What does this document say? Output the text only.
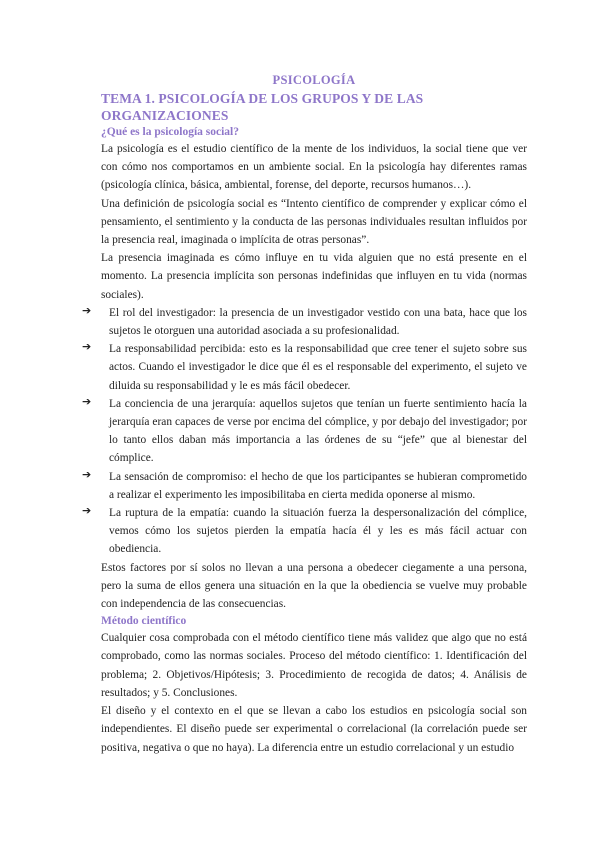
PSICOLOGÍA
TEMA 1. PSICOLOGÍA DE LOS GRUPOS Y DE LAS ORGANIZACIONES
¿Qué es la psicología social?

La psicología es el estudio científico de la mente de los individuos, la social tiene que ver con cómo nos comportamos en un ambiente social. En la psicología hay diferentes ramas (psicología clínica, básica, ambiental, forense, del deporte, recursos humanos…).

Una definición de psicología social es “Intento científico de comprender y explicar cómo el pensamiento, el sentimiento y la conducta de las personas individuales resultan influidos por la presencia real, imaginada o implícita de otras personas”.

La presencia imaginada es cómo influye en tu vida alguien que no está presente en el momento. La presencia implícita son personas indefinidas que influyen en tu vida (normas sociales).

➔ El rol del investigador: la presencia de un investigador vestido con una bata, hace que los sujetos le otorguen una autoridad asociada a su profesionalidad.

➔ La responsabilidad percibida: esto es la responsabilidad que cree tener el sujeto sobre sus actos. Cuando el investigador le dice que él es el responsable del experimento, el sujeto ve diluida su responsabilidad y le es más fácil obedecer.

➔ La conciencia de una jerarquía: aquellos sujetos que tenían un fuerte sentimiento hacía la jerarquía eran capaces de verse por encima del cómplice, y por debajo del investigador; por lo tanto ellos daban más importancia a las órdenes de su “jefe” que al bienestar del cómplice.

➔ La sensación de compromiso: el hecho de que los participantes se hubieran comprometido a realizar el experimento les imposibilitaba en cierta medida oponerse al mismo.

➔ La ruptura de la empatía: cuando la situación fuerza la despersonalización del cómplice, vemos cómo los sujetos pierden la empatía hacía él y les es más fácil actuar con obediencia.

Estos factores por sí solos no llevan a una persona a obedecer ciegamente a una persona, pero la suma de ellos genera una situación en la que la obediencia se vuelve muy probable con independencia de las consecuencias.

Método científico

Cualquier cosa comprobada con el método científico tiene más validez que algo que no está comprobado, como las normas sociales. Proceso del método científico: 1. Identificación del problema; 2. Objetivos/Hipótesis; 3. Procedimiento de recogida de datos; 4. Análisis de resultados; y 5. Conclusiones.

El diseño y el contexto en el que se llevan a cabo los estudios en psicología social son independientes. El diseño puede ser experimental o correlacional (la correlación puede ser positiva, negativa o que no haya). La diferencia entre un estudio correlacional y un estudio
